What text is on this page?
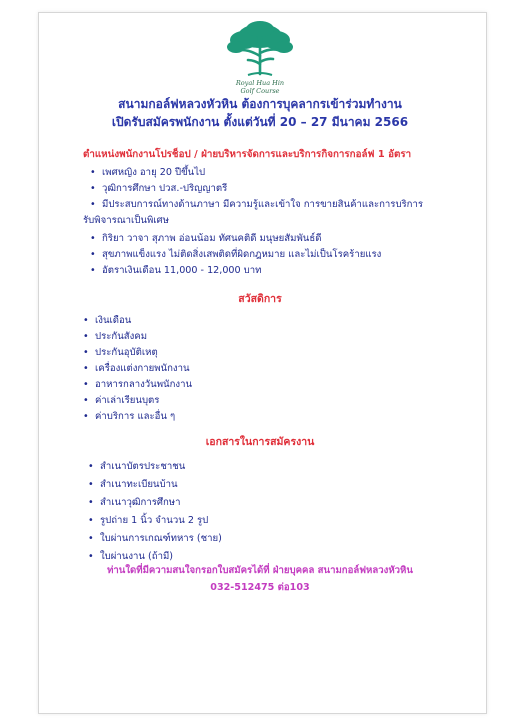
Royal Hua Hin
Golf Course
สนามกอล์ฟหลวงหัวหิน ต้องการบุคลากรเข้าร่วมทำงาน
เปิดรับสมัครพนักงาน ตั้งแต่วันที่ 20 – 27 มีนาคม 2566
ตำแหน่งพนักงานโปรช็อป / ฝ่ายบริหารจัดการและบริการกิจการกอล์ฟ 1 อัตรา
• เพศหญิง อายุ 20 ปีขึ้นไป
• วุฒิการศึกษา ปวส.-ปริญญาตรี
• มีประสบการณ์ทางด้านภาษา มีความรู้และเข้าใจ การขายสินค้าและการบริการ
รับพิจารณาเป็นพิเศษ
• กิริยา วาจา สุภาพ อ่อนน้อม ทัศนคติดี มนุษยสัมพันธ์ดี
• สุขภาพแข็งแรง ไม่ติดสิ่งเสพติดที่ผิดกฎหมาย และไม่เป็นโรคร้ายแรง
• อัตราเงินเดือน 11,000 - 12,000 บาท
สวัสดิการ
• เงินเดือน
• ประกันสังคม
• ประกันอุบัติเหตุ
• เครื่องแต่งกายพนักงาน
• อาหารกลางวันพนักงาน
• ค่าเล่าเรียนบุตร
• ค่าบริการ และอื่น ๆ
เอกสารในการสมัครงาน
• สำเนาบัตรประชาชน
• สำเนาทะเบียนบ้าน
• สำเนาวุฒิการศึกษา
• รูปถ่าย 1 นิ้ว จำนวน 2 รูป
• ใบผ่านการเกณฑ์ทหาร (ชาย)
• ใบผ่านงาน (ถ้ามี)
ท่านใดที่มีความสนใจกรอกใบสมัครได้ที่ ฝ่ายบุคคล สนามกอล์ฟหลวงหัวหิน
032-512475 ต่อ103
